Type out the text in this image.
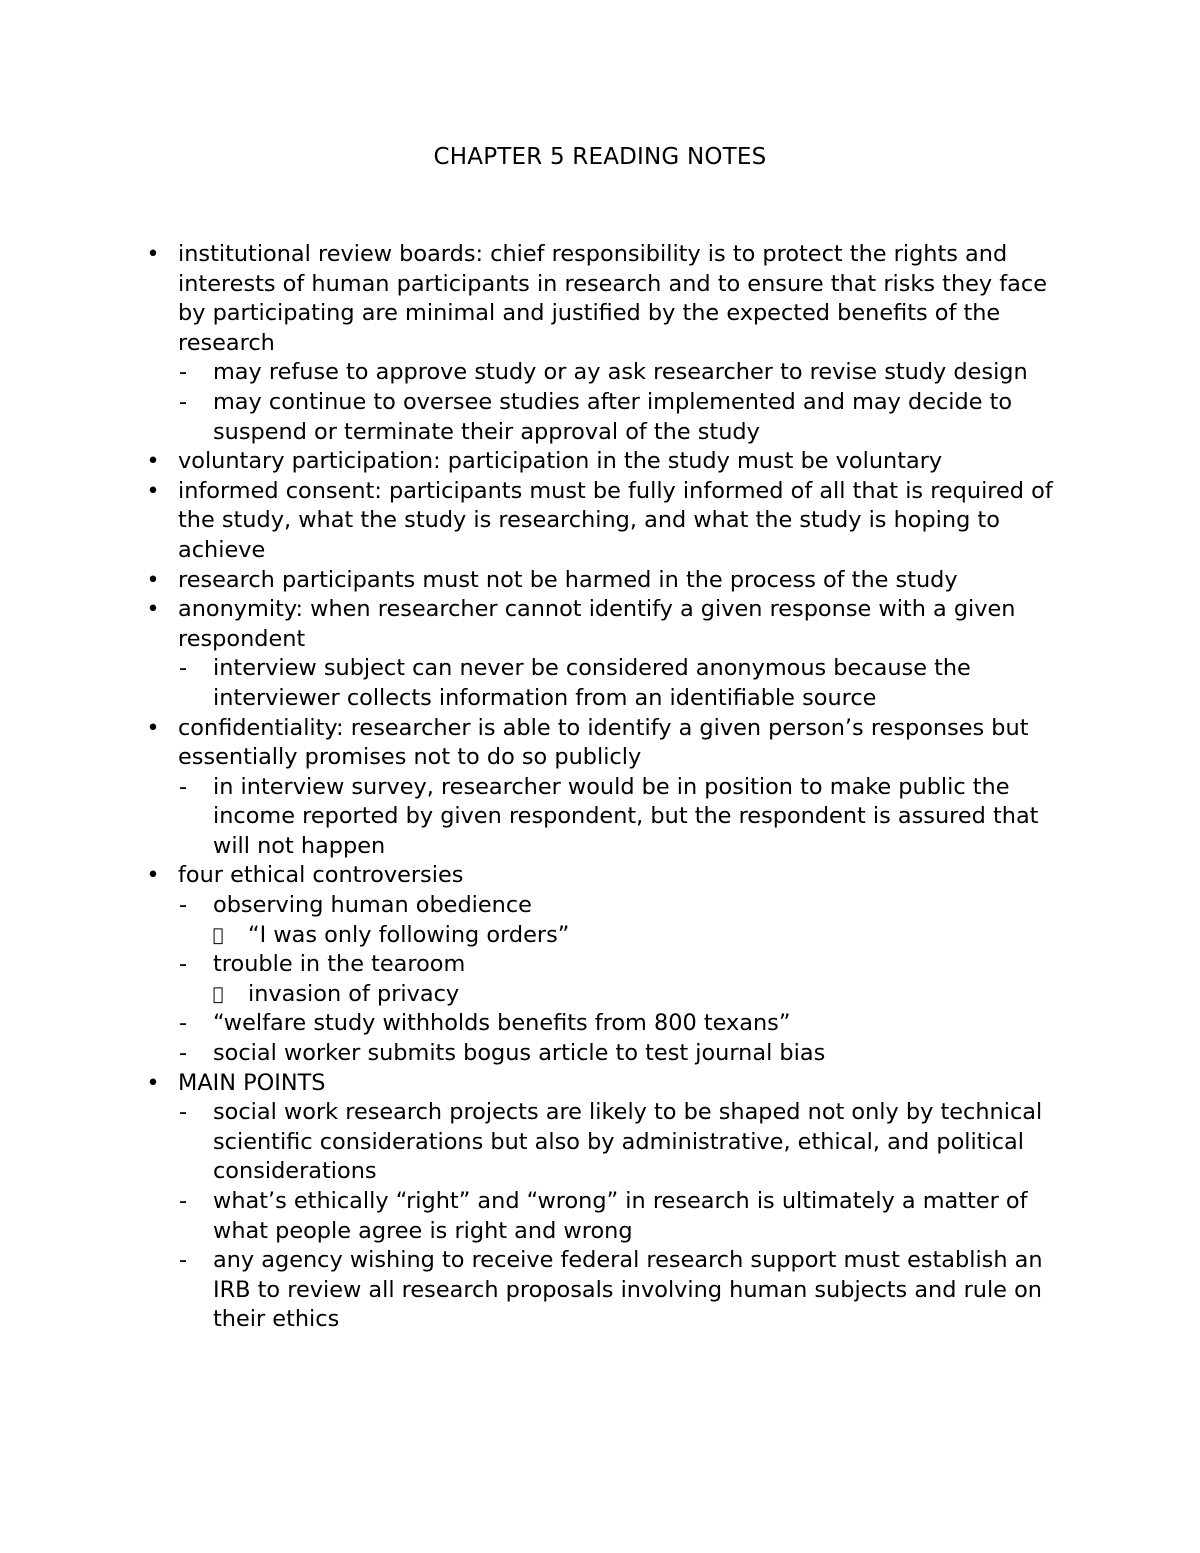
CHAPTER 5 READING NOTES
• institutional review boards: chief responsibility is to protect the rights and interests of human participants in research and to ensure that risks they face by participating are minimal and justified by the expected benefits of the research
- may refuse to approve study or ay ask researcher to revise study design
- may continue to oversee studies after implemented and may decide to suspend or terminate their approval of the study
• voluntary participation: participation in the study must be voluntary
• informed consent: participants must be fully informed of all that is required of the study, what the study is researching, and what the study is hoping to achieve
• research participants must not be harmed in the process of the study
• anonymity: when researcher cannot identify a given response with a given respondent
- interview subject can never be considered anonymous because the interviewer collects information from an identifiable source
• confidentiality: researcher is able to identify a given person’s responses but essentially promises not to do so publicly
- in interview survey, researcher would be in position to make public the income reported by given respondent, but the respondent is assured that will not happen
• four ethical controversies
- observing human obedience
“I was only following orders”
- trouble in the tearoom
invasion of privacy
- “welfare study withholds benefits from 800 texans”
- social worker submits bogus article to test journal bias
• MAIN POINTS
- social work research projects are likely to be shaped not only by technical scientific considerations but also by administrative, ethical, and political considerations
- what’s ethically “right” and “wrong” in research is ultimately a matter of what people agree is right and wrong
- any agency wishing to receive federal research support must establish an IRB to review all research proposals involving human subjects and rule on their ethics
